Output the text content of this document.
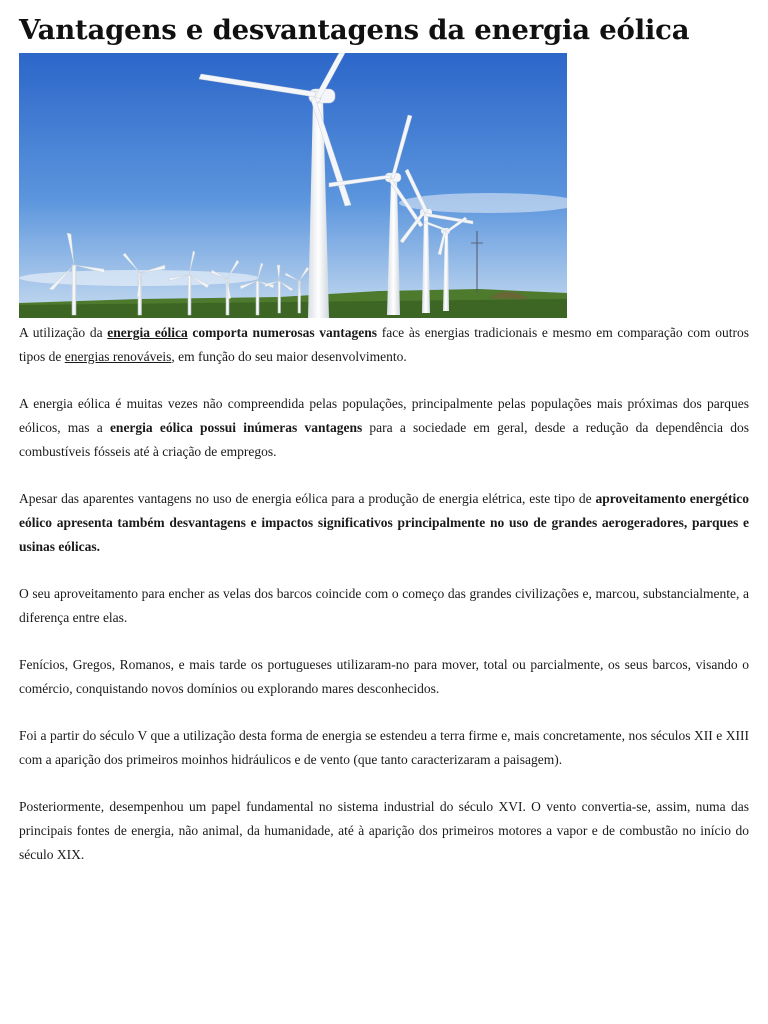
Vantagens e desvantagens da energia eólica

A utilização da energia eólica comporta numerosas vantagens face às energias tradicionais e mesmo em comparação com outros tipos de energias renováveis, em função do seu maior desenvolvimento.

A energia eólica é muitas vezes não compreendida pelas populações, principalmente pelas populações mais próximas dos parques eólicos, mas a energia eólica possui inúmeras vantagens para a sociedade em geral, desde a redução da dependência dos combustíveis fósseis até à criação de empregos.

Apesar das aparentes vantagens no uso de energia eólica para a produção de energia elétrica, este tipo de aproveitamento energético eólico apresenta também desvantagens e impactos significativos principalmente no uso de grandes aerogeradores, parques e usinas eólicas.

O seu aproveitamento para encher as velas dos barcos coincide com o começo das grandes civilizações e, marcou, substancialmente, a diferença entre elas.

Fenícios, Gregos, Romanos, e mais tarde os portugueses utilizaram-no para mover, total ou parcialmente, os seus barcos, visando o comércio, conquistando novos domínios ou explorando mares desconhecidos.

Foi a partir do século V que a utilização desta forma de energia se estendeu a terra firme e, mais concretamente, nos séculos XII e XIII com a aparição dos primeiros moinhos hidráulicos e de vento (que tanto caracterizaram a paisagem).

Posteriormente, desempenhou um papel fundamental no sistema industrial do século XVI. O vento convertia-se, assim, numa das principais fontes de energia, não animal, da humanidade, até à aparição dos primeiros motores a vapor e de combustão no início do século XIX.
